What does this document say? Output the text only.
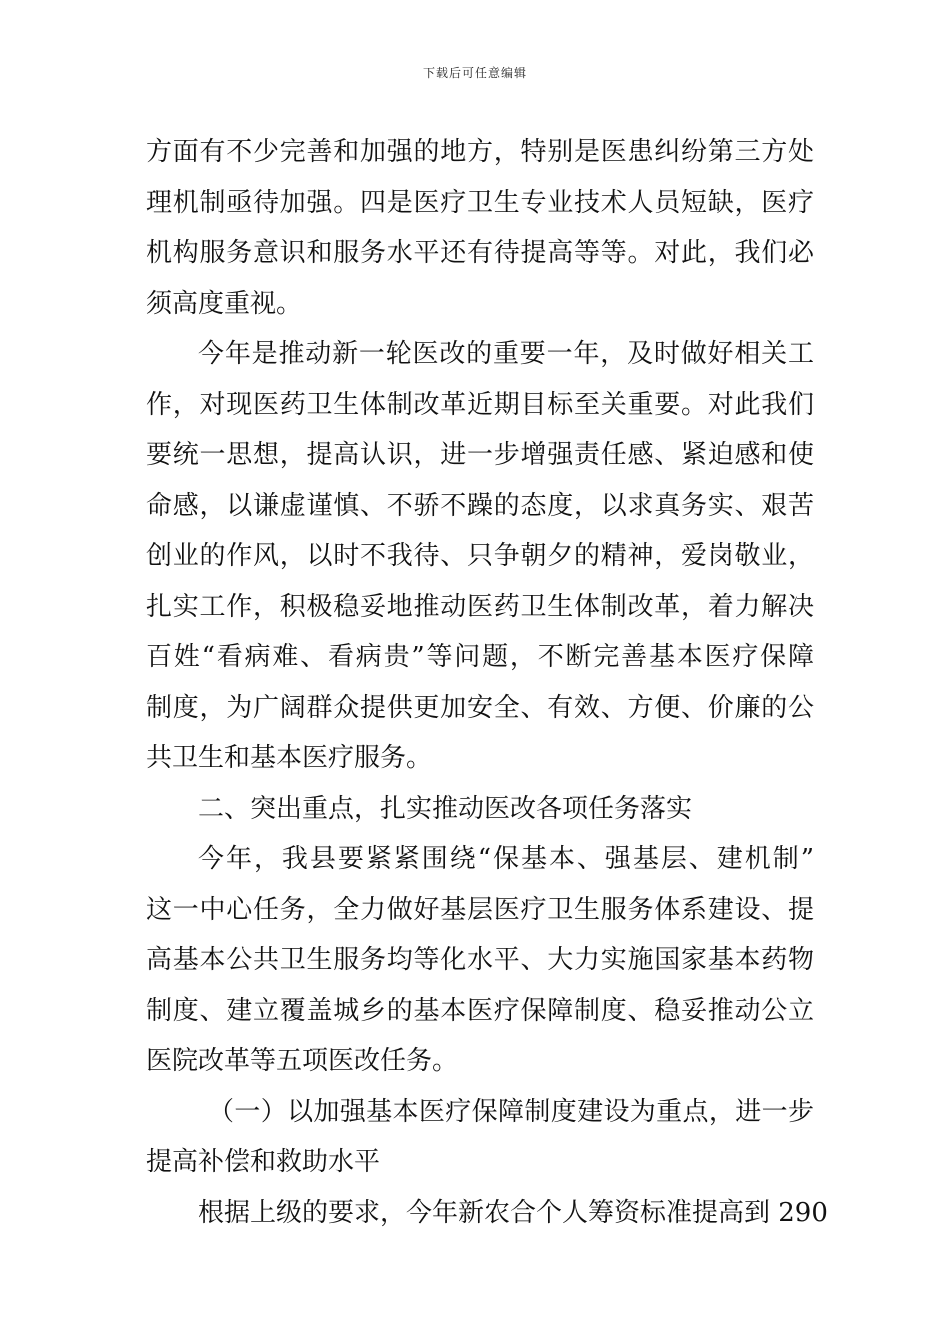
下载后可任意编辑
方面有不少完善和加强的地方，特别是医患纠纷第三方处
理机制亟待加强。四是医疗卫生专业技术人员短缺，医疗
机构服务意识和服务水平还有待提高等等。对此，我们必
须高度重视。
今年是推动新一轮医改的重要一年，及时做好相关工
作，对现医药卫生体制改革近期目标至关重要。对此我们
要统一思想，提高认识，进一步增强责任感、紧迫感和使
命感，以谦虚谨慎、不骄不躁的态度，以求真务实、艰苦
创业的作风，以时不我待、只争朝夕的精神，爱岗敬业，
扎实工作，积极稳妥地推动医药卫生体制改革，着力解决
百姓“看病难、看病贵”等问题，不断完善基本医疗保障
制度，为广阔群众提供更加安全、有效、方便、价廉的公
共卫生和基本医疗服务。
二、突出重点，扎实推动医改各项任务落实
今年，我县要紧紧围绕“保基本、强基层、建机制”
这一中心任务，全力做好基层医疗卫生服务体系建设、提
高基本公共卫生服务均等化水平、大力实施国家基本药物
制度、建立覆盖城乡的基本医疗保障制度、稳妥推动公立
医院改革等五项医改任务。
（一）以加强基本医疗保障制度建设为重点，进一步
提高补偿和救助水平
根据上级的要求，今年新农合个人筹资标准提高到 290
